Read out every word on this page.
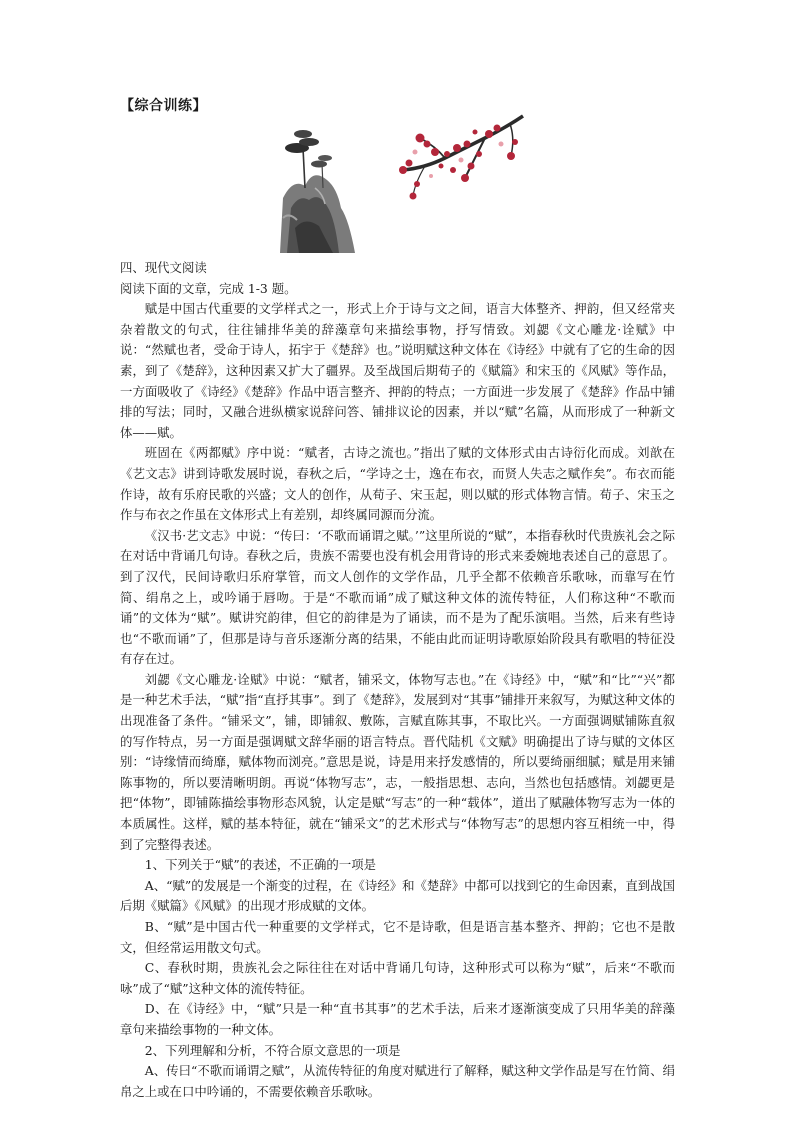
【综合训练】

四、现代文阅读

阅读下面的文章，完成 1-3 题。

赋是中国古代重要的文学样式之一，形式上介于诗与文之间，语言大体整齐、押韵，但又经常夹杂着散文的句式，往往铺排华美的辞藻章句来描绘事物，抒写情致。刘勰《文心雕龙·诠赋》中说：“然赋也者，受命于诗人，拓宇于《楚辞》也。”说明赋这种文体在《诗经》中就有了它的生命的因素，到了《楚辞》，这种因素又扩大了疆界。及至战国后期荀子的《赋篇》和宋玉的《风赋》等作品，一方面吸收了《诗经》《楚辞》作品中语言整齐、押韵的特点；一方面进一步发展了《楚辞》作品中铺排的写法；同时，又融合进纵横家说辞问答、铺排议论的因素，并以“赋”名篇，从而形成了一种新文体——赋。

班固在《两都赋》序中说：“赋者，古诗之流也。”指出了赋的文体形式由古诗衍化而成。刘歆在《艺文志》讲到诗歌发展时说，春秋之后，“学诗之士，逸在布衣，而贤人失志之赋作矣”。布衣而能作诗，故有乐府民歌的兴盛；文人的创作，从荀子、宋玉起，则以赋的形式体物言情。荀子、宋玉之作与布衣之作虽在文体形式上有差别，却终属同源而分流。

《汉书·艺文志》中说：“传曰：‘不歌而诵谓之赋。’”这里所说的“赋”，本指春秋时代贵族礼会之际在对话中背诵几句诗。春秋之后，贵族不需要也没有机会用背诗的形式来委婉地表述自己的意思了。到了汉代，民间诗歌归乐府掌管，而文人创作的文学作品，几乎全都不依赖音乐歌咏，而靠写在竹简、绢帛之上，或吟诵于唇吻。于是“不歌而诵”成了赋这种文体的流传特征，人们称这种“不歌而诵”的文体为“赋”。赋讲究韵律，但它的韵律是为了诵读，而不是为了配乐演唱。当然，后来有些诗也“不歌而诵”了，但那是诗与音乐逐渐分离的结果，不能由此而证明诗歌原始阶段具有歌唱的特征没有存在过。

刘勰《文心雕龙·诠赋》中说：“赋者，铺采文，体物写志也。”在《诗经》中，“赋”和“比”“兴”都是一种艺术手法，“赋”指“直抒其事”。到了《楚辞》，发展到对“其事”铺排开来叙写，为赋这种文体的出现准备了条件。“铺采文”，铺，即铺叙、敷陈，言赋直陈其事，不取比兴。一方面强调赋铺陈直叙的写作特点，另一方面是强调赋文辞华丽的语言特点。晋代陆机《文赋》明确提出了诗与赋的文体区别：“诗缘情而绮靡，赋体物而浏亮。”意思是说，诗是用来抒发感情的，所以要绮丽细腻；赋是用来铺陈事物的，所以要清晰明朗。再说“体物写志”，志，一般指思想、志向，当然也包括感情。刘勰更是把“体物”，即铺陈描绘事物形态风貌，认定是赋“写志”的一种“载体”，道出了赋融体物写志为一体的本质属性。这样，赋的基本特征，就在“铺采文”的艺术形式与“体物写志”的思想内容互相统一中，得到了完整得表述。

1、下列关于“赋”的表述，不正确的一项是

A、“赋”的发展是一个渐变的过程，在《诗经》和《楚辞》中都可以找到它的生命因素，直到战国后期《赋篇》《风赋》的出现才形成赋的文体。

B、“赋”是中国古代一种重要的文学样式，它不是诗歌，但是语言基本整齐、押韵；它也不是散文，但经常运用散文句式。

C、春秋时期，贵族礼会之际往往在对话中背诵几句诗，这种形式可以称为“赋”，后来“不歌而咏”成了“赋”这种文体的流传特征。

D、在《诗经》中，“赋”只是一种“直书其事”的艺术手法，后来才逐渐演变成了只用华美的辞藻章句来描绘事物的一种文体。

2、下列理解和分析，不符合原文意思的一项是

A、传曰“不歌而诵谓之赋”，从流传特征的角度对赋进行了解释，赋这种文学作品是写在竹简、绢帛之上或在口中吟诵的，不需要依赖音乐歌咏。
